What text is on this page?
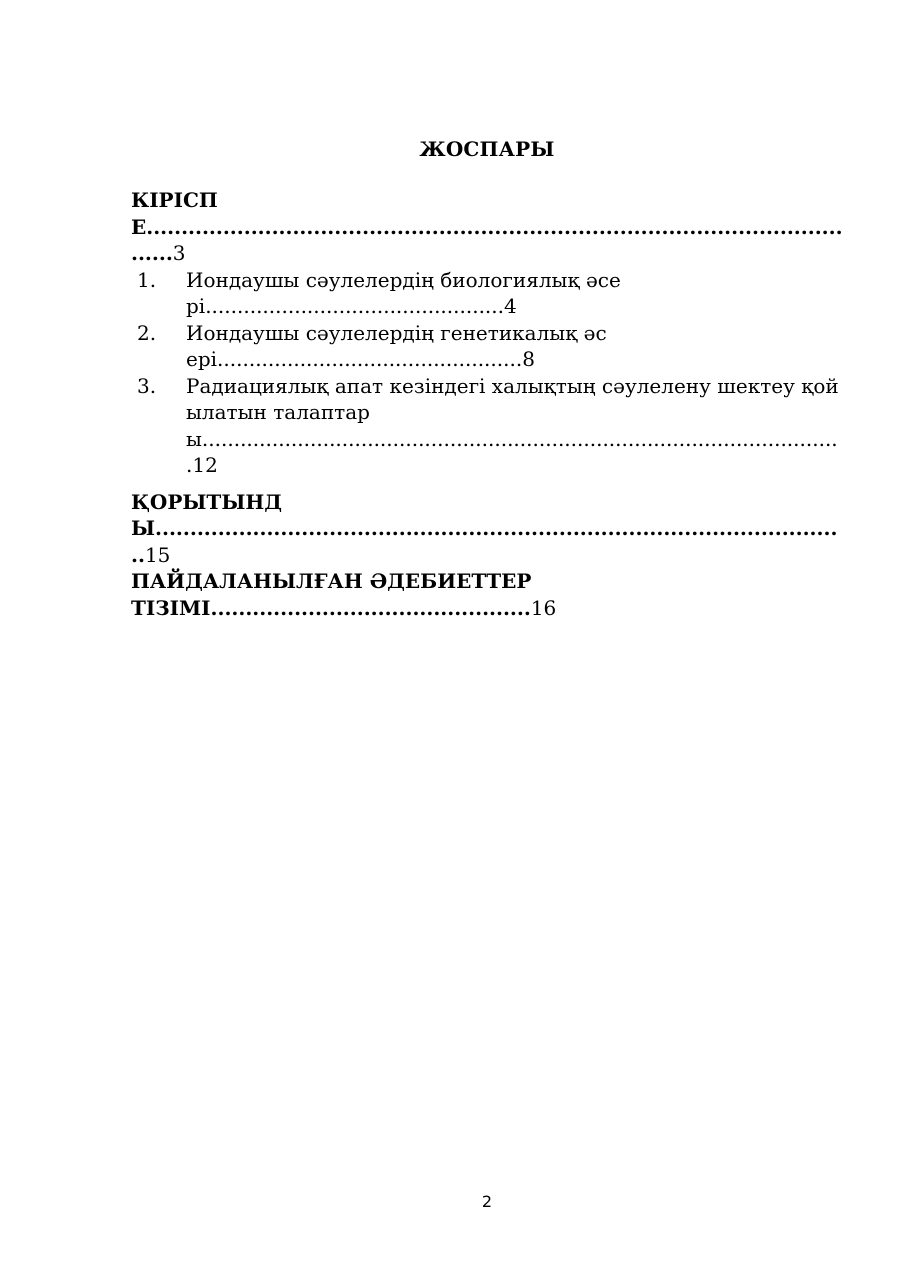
ЖОСПАРЫ
КІРІСПЕ..........................................................................................................3
1.	Иондаушы сәулелердің биологиялық әсері...............................................4
2.	Иондаушы сәулелердің генетикалық әсері................................................8
3.	Радиациялық апат кезіндегі халықтың сәулелену шектеу қойылатын талаптары.....................................................................................................12
ҚОРЫТЫНДЫ....................................................................................................15
ПАЙДАЛАНЫЛҒАН ӘДЕБИЕТТЕР ТІЗІМІ..............................................16
2
